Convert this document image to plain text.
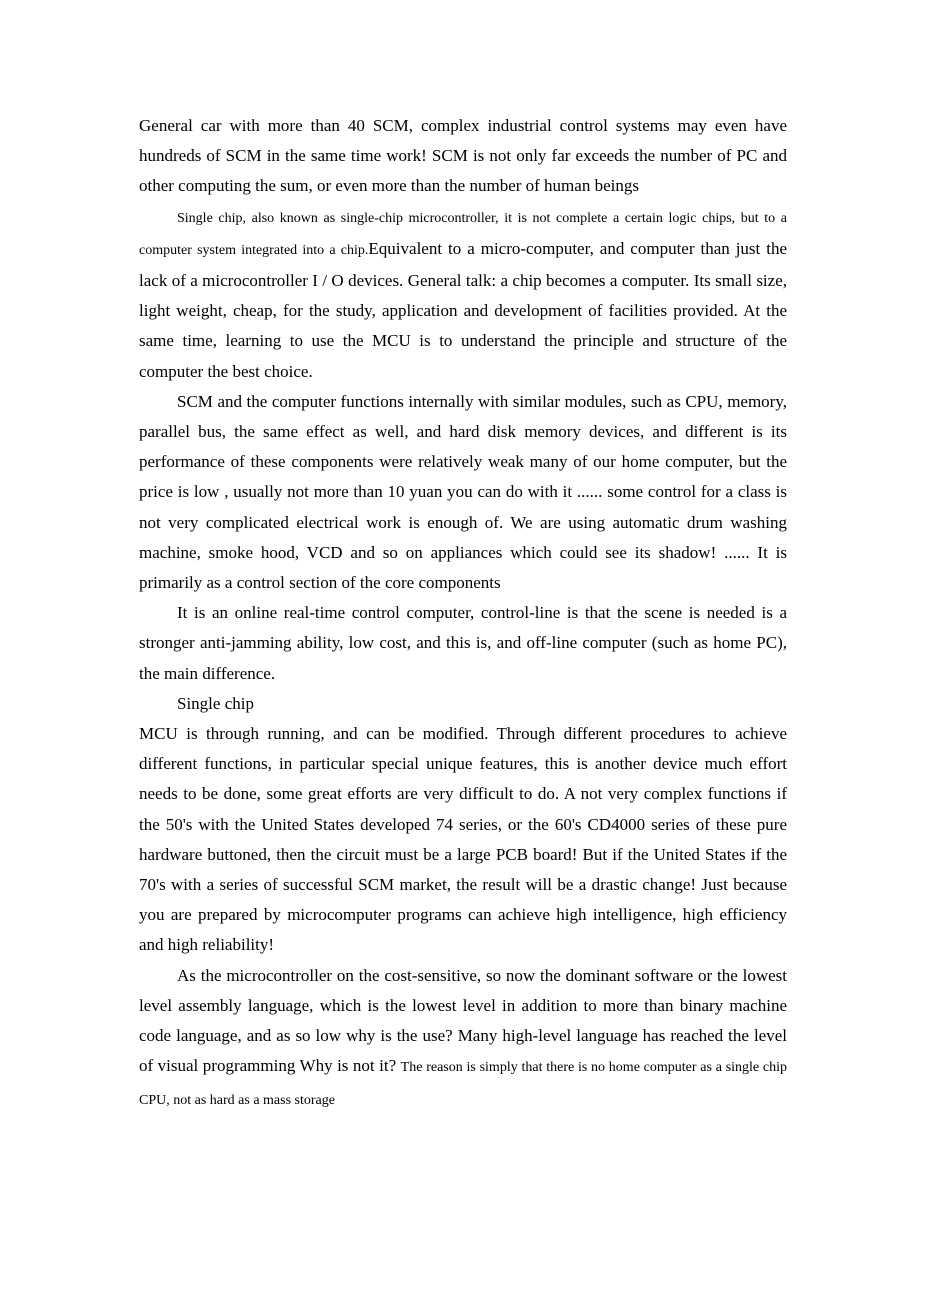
General car with more than 40 SCM, complex industrial control systems may even have hundreds of SCM in the same time work! SCM is not only far exceeds the number of PC and other computing the sum, or even more than the number of human beings

Single chip, also known as single-chip microcontroller, it is not complete a certain logic chips, but to a computer system integrated into a chip.Equivalent to a micro-computer, and computer than just the lack of a microcontroller I / O devices. General talk: a chip becomes a computer. Its small size, light weight, cheap, for the study, application and development of facilities provided. At the same time, learning to use the MCU is to understand the principle and structure of the computer the best choice.

SCM and the computer functions internally with similar modules, such as CPU, memory, parallel bus, the same effect as well, and hard disk memory devices, and different is its performance of these components were relatively weak many of our home computer, but the price is low , usually not more than 10 yuan you can do with it ...... some control for a class is not very complicated electrical work is enough of. We are using automatic drum washing machine, smoke hood, VCD and so on appliances which could see its shadow! ...... It is primarily as a control section of the core components

It is an online real-time control computer, control-line is that the scene is needed is a stronger anti-jamming ability, low cost, and this is, and off-line computer (such as home PC), the main difference.

Single chip

MCU is through running, and can be modified. Through different procedures to achieve different functions, in particular special unique features, this is another device much effort needs to be done, some great efforts are very difficult to do. A not very complex functions if the 50's with the United States developed 74 series, or the 60's CD4000 series of these pure hardware buttoned, then the circuit must be a large PCB board! But if the United States if the 70's with a series of successful SCM market, the result will be a drastic change! Just because you are prepared by microcomputer programs can achieve high intelligence, high efficiency and high reliability!

As the microcontroller on the cost-sensitive, so now the dominant software or the lowest level assembly language, which is the lowest level in addition to more than binary machine code language, and as so low why is the use? Many high-level language has reached the level of visual programming Why is not it? The reason is simply that there is no home computer as a single chip CPU, not as hard as a mass storage
